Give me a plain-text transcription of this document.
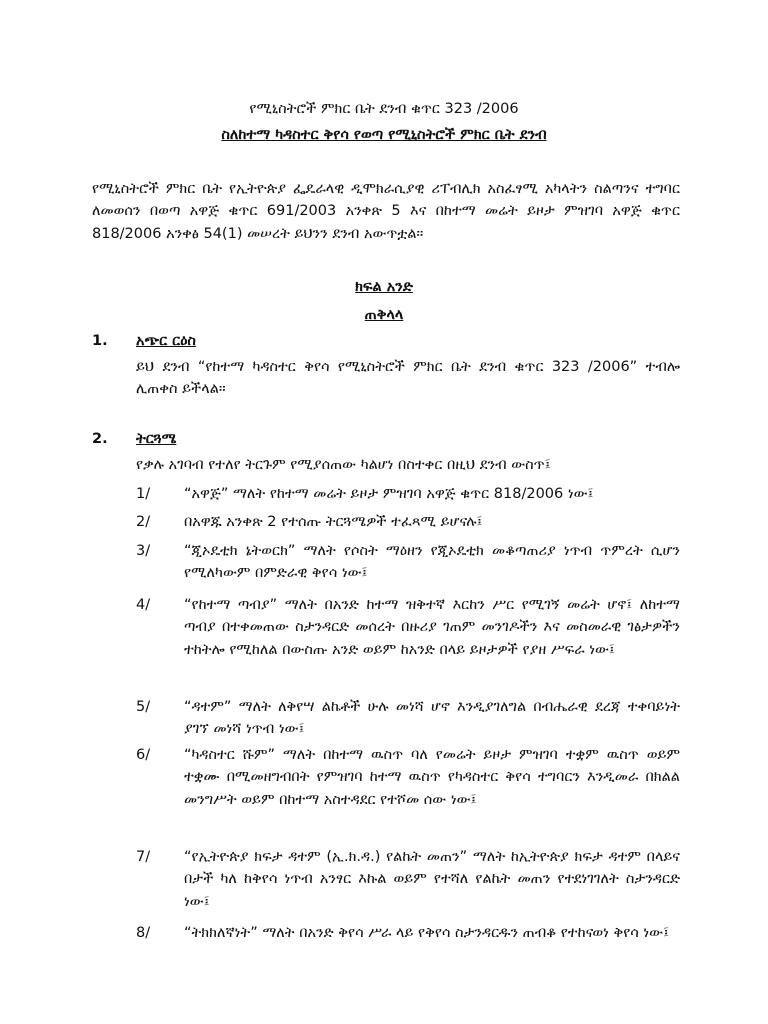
የሚኒስትሮች ምክር ቤት ደንብ ቁጥር 323 /2006
ስለከተማ ካዳስተር ቅየሳ የወጣ የሚኒስትሮች ምክር ቤት ደንብ
የሚኒስትሮች ምክር ቤት የኢትዮጵያ ፌዴራላዊ ዲሞክራሲያዊ ሪፐብሊክ አስፈፃሚ አካላትን ስልጣንና ተግባር ለመወሰን በወጣ አዋጅ ቁጥር 691/2003 አንቀጽ 5 እና በከተማ መሬት ይዞታ ምዝገባ አዋጅ ቁጥር 818/2006 አንቀፅ 54(1) መሠረት ይህንን ደንብ አውጥቷል።
ክፍል አንድ
ጠቅላላ
1. አጭር ርዕስ
ይህ ደንብ “የከተማ ካዳስተር ቅየሳ የሚኒስትሮች ምክር ቤት ደንብ ቁጥር 323 /2006” ተብሎ ሊጠቀስ ይችላል።
2. ትርጓሜ
የቃሉ አገባብ የተለየ ትርጉም የሚያሰጠው ካልሆነ በስተቀር በዚህ ደንብ ውስጥ፤
1/ “አዋጅ” ማለት የከተማ መሬት ይዞታ ምዝገባ አዋጅ ቁጥር 818/2006 ነው፤
2/ በአዋጁ አንቀጽ 2 የተሰጡ ትርጓሜዎች ተፈጻሚ ይሆናሉ፤
3/ “ጂኦዴቲክ ኔትወርክ” ማለት የሶስት ማዕዘን የጂኦዴቲክ መቆጣጠሪያ ነጥብ ጥምረት ሲሆን የሚለካውም በምድራዊ ቅየሳ ነው፤
4/ “የከተማ ጣብያ” ማለት በአንድ ከተማ ዝቅተኛ እርከን ሥር የሚገኝ መሬት ሆኖ፤ ለከተማ ጣብያ በተቀመጠው ስታንዳርድ መሰረት በዙሪያ ገጠም መንገዶችን እና መስመራዊ ገፅታዎችን ተከትሎ የሚከለል በውስጡ አንድ ወይም ከአንድ በላይ ይዞታዎች የያዘ ሥፍራ ነው፤
5/ “ዳተም” ማለት ለቅየሣ ልኬቶች ሁሉ መነሻ ሆኖ እንዲያገለግል በብሔራዊ ደረጃ ተቀባይነት ያገኘ መነሻ ነጥብ ነው፤
6/ “ካዳስተር ሹም” ማለት በከተማ ዉስጥ ባለ የመሬት ይዞታ ምዝገባ ተቋም ዉስጥ ወይም ተቋሙ በሚመዘግብበት የምዝገባ ከተማ ዉስጥ የካዳስተር ቅየሳ ተግባርን እንዲመራ በክልል መንግሥት ወይም በከተማ አስተዳደር የተሾመ ሰው ነው፤
7/ “የኢትዮጵያ ክፍታ ዳተም (ኢ.ክ.ዳ.) የልኬት መጠን” ማለት ከኢትዮጵያ ክፍታ ዳተም በላይና በታች ካለ ከቅየሳ ነጥብ አንፃር እኩል ወይም የተሻለ የልኬት መጠን የተደነገገለት ስታንዳርድ ነው፤
8/ “ትክክለኛነት” ማለት በአንድ ቅየሳ ሥራ ላይ የቅየሳ ስታንዳርዱን ጠብቆ የተከናወነ ቅየሳ ነው፤
